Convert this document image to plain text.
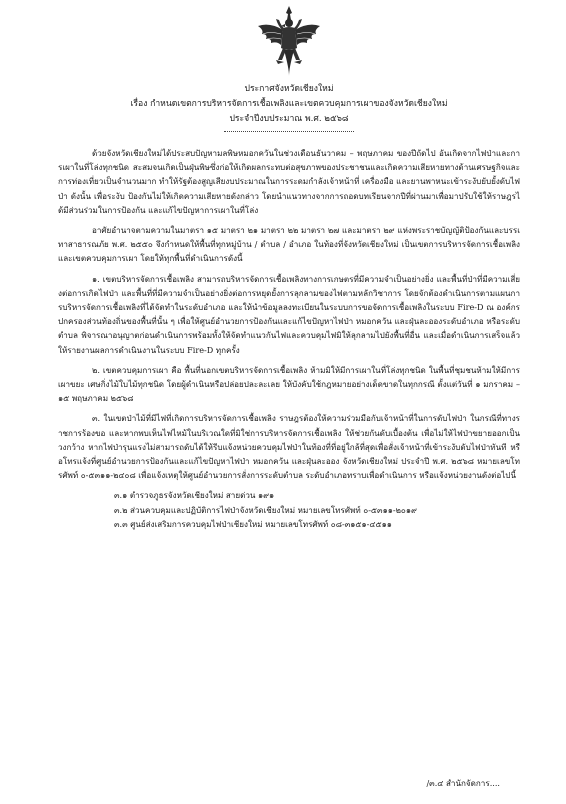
ประกาศจังหวัดเชียงใหม่
เรื่อง กำหนดเขตการบริหารจัดการเชื้อเพลิงและเขตควบคุมการเผาของจังหวัดเชียงใหม่
ประจำปีงบประมาณ พ.ศ. ๒๕๖๘

ด้วยจังหวัดเชียงใหม่ได้ประสบปัญหามลพิษหมอกควันในช่วงเดือนธันวาคม – พฤษภาคม ของปีถัดไป อันเกิดจากไฟป่าและการเผาในที่โล่งทุกชนิด สะสมจนเกิดเป็นฝุ่นพิษซึ่งก่อให้เกิดผลกระทบต่อสุขภาพของประชาชนและเกิดความเสียหายทางด้านเศรษฐกิจและการท่องเที่ยวเป็นจำนวนมาก ทำให้รัฐต้องสูญเสียงบประมาณในการระดมกำลังเจ้าหน้าที่ เครื่องมือ และยานพาหนะเข้าระงับยับยั้งดับไฟป่า ดังนั้น เพื่อระงับ ป้องกันไม่ให้เกิดความเสียหายดังกล่าว โดยนำแนวทางจากการถอดบทเรียนจากปีที่ผ่านมาเพื่อมาปรับใช้ให้ราษฎรได้มีส่วนร่วมในการป้องกัน และแก้ไขปัญหาการเผาในที่โล่ง

อาศัยอำนาจตามความในมาตรา ๑๕ มาตรา ๒๑ มาตรา ๒๒ มาตรา ๒๗ และมาตรา ๒๙ แห่งพระราชบัญญัติป้องกันและบรรเทาสาธารณภัย พ.ศ. ๒๕๕๐ จึงกำหนดให้พื้นที่ทุกหมู่บ้าน / ตำบล / อำเภอ ในท้องที่จังหวัดเชียงใหม่ เป็นเขตการบริหารจัดการเชื้อเพลิงและเขตควบคุมการเผา โดยให้ทุกพื้นที่ดำเนินการดังนี้

๑. เขตบริหารจัดการเชื้อเพลิง สามารถบริหารจัดการเชื้อเพลิงทางการเกษตรที่มีความจำเป็นอย่างยิ่ง และพื้นที่ป่าที่มีความเสี่ยงต่อการเกิดไฟป่า และพื้นที่ที่มีความจำเป็นอย่างยิ่งต่อการหยุดยั้งการลุกลามของไฟตามหลักวิชาการ โดยจักต้องดำเนินการตามแผนการบริหารจัดการเชื้อเพลิงที่ได้จัดทำในระดับอำเภอ และให้นำข้อมูลลงทะเบียนในระบบการขอจัดการเชื้อเพลิงในระบบ Fire-D ณ องค์กรปกครองส่วนท้องถิ่นของพื้นที่นั้น ๆ เพื่อให้ศูนย์อำนวยการป้องกันและแก้ไขปัญหาไฟป่า หมอกควัน และฝุ่นละอองระดับอำเภอ หรือระดับตำบล พิจารณาอนุญาตก่อนดำเนินการพร้อมทั้งให้จัดทำแนวกันไฟและควบคุมไฟมิให้ลุกลามไปยังพื้นที่อื่น และเมื่อดำเนินการเสร็จแล้วให้รายงานผลการดำเนินงานในระบบ Fire-D ทุกครั้ง

๒. เขตควบคุมการเผา คือ พื้นที่นอกเขตบริหารจัดการเชื้อเพลิง ห้ามมิให้มีการเผาในที่โล่งทุกชนิด ในพื้นที่ชุมชนห้ามให้มีการเผาขยะ เศษกิ่งไม้ใบไม้ทุกชนิด โดยผู้ดำเนินหรือปล่อยปละละเลย ให้บังคับใช้กฎหมายอย่างเด็ดขาดในทุกกรณี ตั้งแต่วันที่ ๑ มกราคม – ๑๕ พฤษภาคม ๒๕๖๘

๓. ในเขตป่าไม้ที่มีไฟที่เกิดการบริหารจัดการเชื้อเพลิง ราษฎรต้องให้ความร่วมมือกับเจ้าหน้าที่ในการดับไฟป่า ในกรณีที่ทางราชการร้องขอ และหากพบเห็นไฟไหม้ในบริเวณใดที่มิใช่การบริหารจัดการเชื้อเพลิง ให้ช่วยกันดับเบื้องต้น เพื่อไม่ให้ไฟป่าขยายออกเป็นวงกว้าง หากไฟป่ารุนแรงไม่สามารถดับได้ให้รีบแจ้งหน่วยควบคุมไฟป่าในท้องที่ที่อยู่ใกล้ที่สุดเพื่อสั่งเจ้าหน้าที่เข้าระงับดับไฟป่าทันที หรือโทรแจ้งที่ศูนย์อำนวยการป้องกันและแก้ไขปัญหาไฟป่า หมอกควัน และฝุ่นละออง จังหวัดเชียงใหม่ ประจำปี พ.ศ. ๒๕๖๘ หมายเลขโทรศัพท์ ๐-๕๓๑๑-๒๔๐๘ เพื่อแจ้งเหตุให้ศูนย์อำนวยการสั่งการระดับตำบล ระดับอำเภอทราบเพื่อดำเนินการ หรือแจ้งหน่วยงานดังต่อไปนี้

๓.๑ ตำรวจภูธรจังหวัดเชียงใหม่ สายด่วน ๑๙๑
๓.๒ ส่วนควบคุมและปฏิบัติการไฟป่าจังหวัดเชียงใหม่ หมายเลขโทรศัพท์ ๐-๕๓๑๑-๒๐๑๙
๓.๓ ศูนย์ส่งเสริมการควบคุมไฟป่าเชียงใหม่ หมายเลขโทรศัพท์ ๐๘-๓๑๕๑-๔๕๑๑
/๓.๔ สำนักจัดการ....
